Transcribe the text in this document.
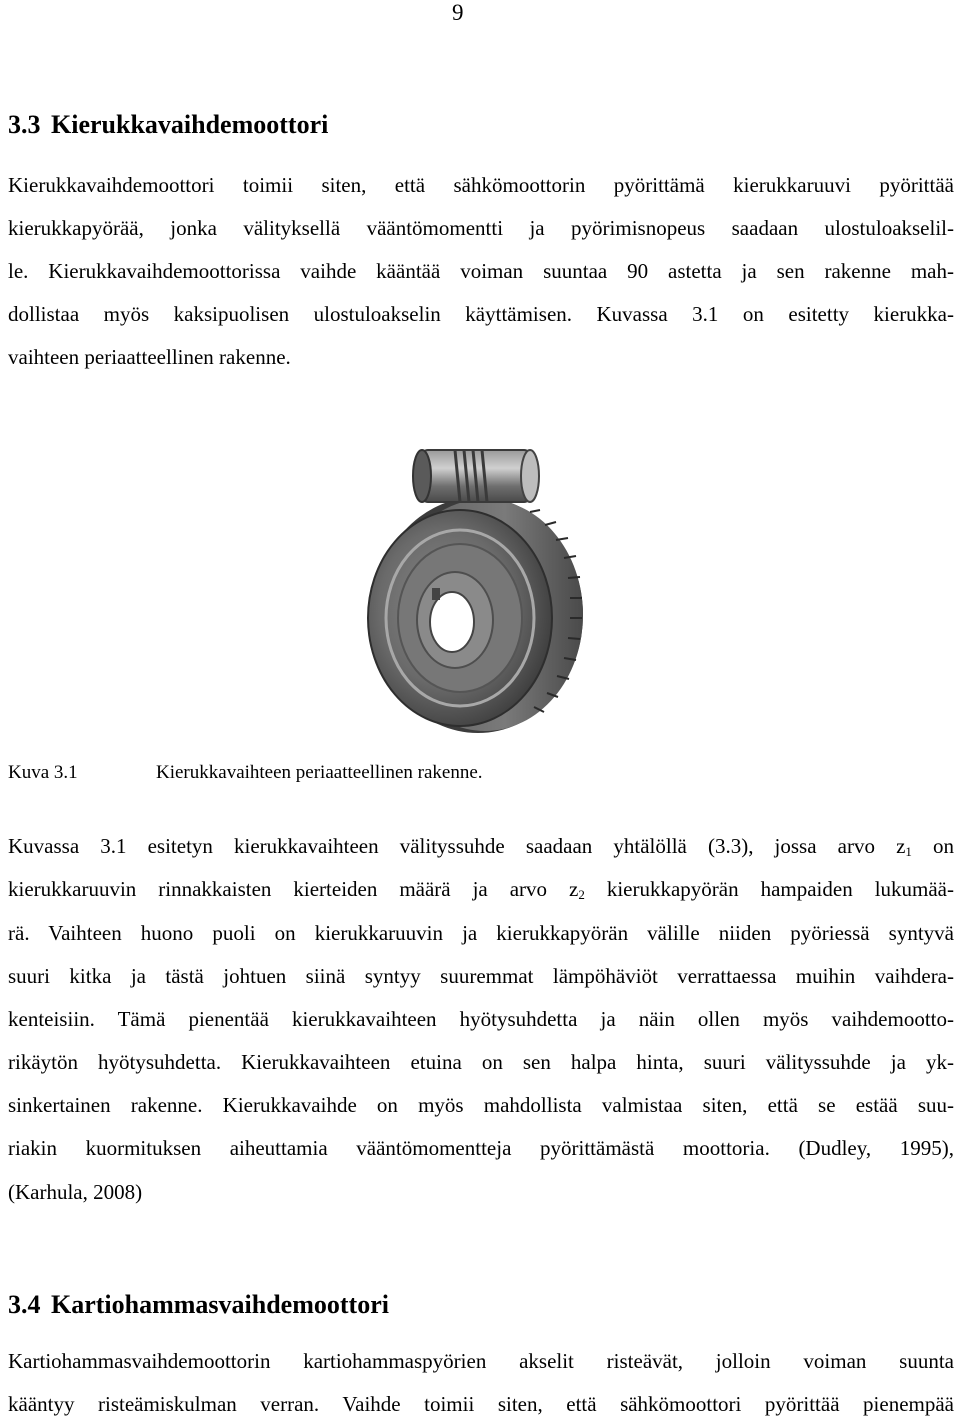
9
3.3 Kierukkavaihdemoottori
Kierukkavaihdemoottori toimii siten, että sähkömoottorin pyörittämä kierukkaruuvi pyörittää
kierukkapyörää, jonka välityksellä vääntömomentti ja pyörimisnopeus saadaan ulostuloakselil-
le. Kierukkavaihdemoottorissa vaihde kääntää voiman suuntaa 90 astetta ja sen rakenne mah-
dollistaa myös kaksipuolisen ulostuloakselin käyttämisen. Kuvassa 3.1 on esitetty kierukka-
vaihteen periaatteellinen rakenne.
Kuva 3.1	Kierukkavaihteen periaatteellinen rakenne.
Kuvassa 3.1 esitetyn kierukkavaihteen välityssuhde saadaan yhtälöllä (3.3), jossa arvo $z_1$ on
kierukkaruuvin rinnakkaisten kierteiden määrä ja arvo $z_2$ kierukkapyörän hampaiden lukumää-
rä. Vaihteen huono puoli on kierukkaruuvin ja kierukkapyörän välille niiden pyöriessä syntyvä
suuri kitka ja tästä johtuen siinä syntyy suuremmat lämpöhäviöt verrattaessa muihin vaihdera-
kenteisiin. Tämä pienentää kierukkavaihteen hyötysuhdetta ja näin ollen myös vaihdemootto-
rikäytön hyötysuhdetta. Kierukkavaihteen etuina on sen halpa hinta, suuri välityssuhde ja yk-
sinkertainen rakenne. Kierukkavaihde on myös mahdollista valmistaa siten, että se estää suu-
riakin kuormituksen aiheuttamia vääntömomentteja pyörittämästä moottoria. (Dudley, 1995),
(Karhula, 2008)
3.4 Kartiohammasvaihdemoottori
Kartiohammasvaihdemoottorin kartiohammaspyörien akselit risteävät, jolloin voiman suunta
kääntyy risteämiskulman verran. Vaihde toimii siten, että sähkömoottori pyörittää pienempää
